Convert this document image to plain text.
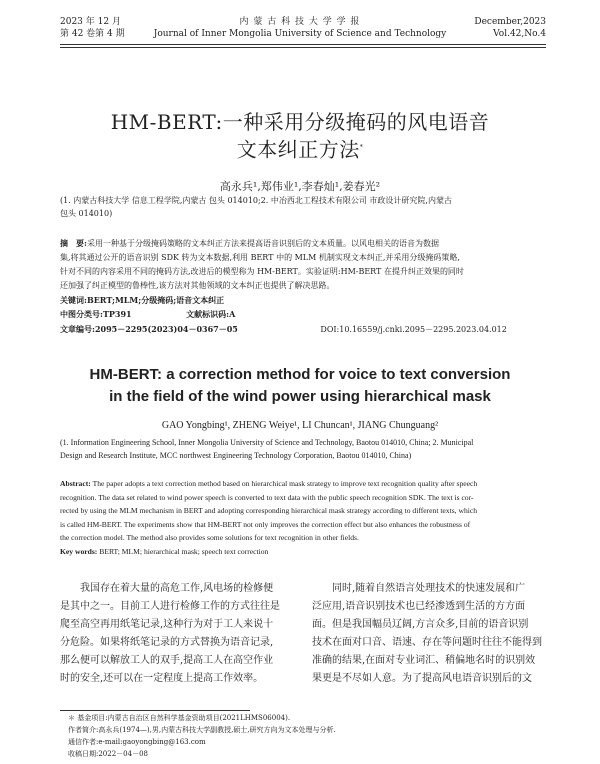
2023 年 12 月
第 42 卷第 4 期
内 蒙 古 科 技 大 学 学 报
Journal of Inner Mongolia University of Science and Technology
December,2023
Vol.42,No.4
HM-BERT:一种采用分级掩码的风电语音
文本纠正方法*
高永兵¹,郑伟业¹,李春灿¹,姜春光²
(1. 内蒙古科技大学 信息工程学院,内蒙古 包头 014010;2. 中冶西北工程技术有限公司 市政设计研究院,内蒙古
包头 014010)
摘　要:采用一种基于分级掩码策略的文本纠正方法来提高语音识别后的文本质量。以风电相关的语音为数据
集,将其通过公开的语音识别 SDK 转为文本数据,利用 BERT 中的 MLM 机制实现文本纠正,并采用分级掩码策略,
针对不同的内容采用不同的掩码方法,改进后的模型称为 HM-BERT。实验证明:HM-BERT 在提升纠正效果的同时
还加强了纠正模型的鲁棒性,该方法对其他领域的文本纠正也提供了解决思路。
关键词:BERT;MLM;分级掩码;语音文本纠正
中图分类号:TP391	文献标识码:A
文章编号:2095－2295(2023)04－0367－05	DOI:10.16559/j.cnki.2095－2295.2023.04.012
HM-BERT: a correction method for voice to text conversion
in the field of the wind power using hierarchical mask
GAO Yongbing¹, ZHENG Weiye¹, LI Chuncan¹, JIANG Chunguang²
(1. Information Engineering School, Inner Mongolia University of Science and Technology, Baotou 014010, China; 2. Municipal
Design and Research Institute, MCC northwest Engineering Technology Corporation, Baotou 014010, China)
Abstract: The paper adopts a text correction method based on hierarchical mask strategy to improve text recognition quality after speech
recognition. The data set related to wind power speech is converted to text data with the public speech recognition SDK. The text is cor-
rected by using the MLM mechanism in BERT and adopting corresponding hierarchical mask strategy according to different texts, which
is called HM-BERT. The experiments show that HM-BERT not only improves the correction effect but also enhances the robustness of
the correction model. The method also provides some solutions for text recognition in other fields.
Key words: BERT; MLM; hierarchical mask; speech text correction
我国存在着大量的高危工作,风电场的检修便
是其中之一。目前工人进行检修工作的方式往往是
爬至高空再用纸笔记录,这种行为对于工人来说十
分危险。如果将纸笔记录的方式替换为语音记录,
那么便可以解放工人的双手,提高工人在高空作业
时的安全,还可以在一定程度上提高工作效率。
同时,随着自然语言处理技术的快速发展和广
泛应用,语音识别技术也已经渗透到生活的方方面
面。但是我国幅员辽阔,方言众多,目前的语音识别
技术在面对口音、语速、存在等问题时往往不能得到
准确的结果,在面对专业词汇、稍偏地名时的识别效
果更是不尽如人意。为了提高风电语音识别后的文
＊ 基金项目:内蒙古自治区自然科学基金资助项目(2021LHMS06004).
作者简介:高永兵(1974—),男,内蒙古科技大学副教授,硕士,研究方向为文本处理与分析.
通信作者:e-mail:gaoyongbing@163.com
收稿日期:2022－04－08
